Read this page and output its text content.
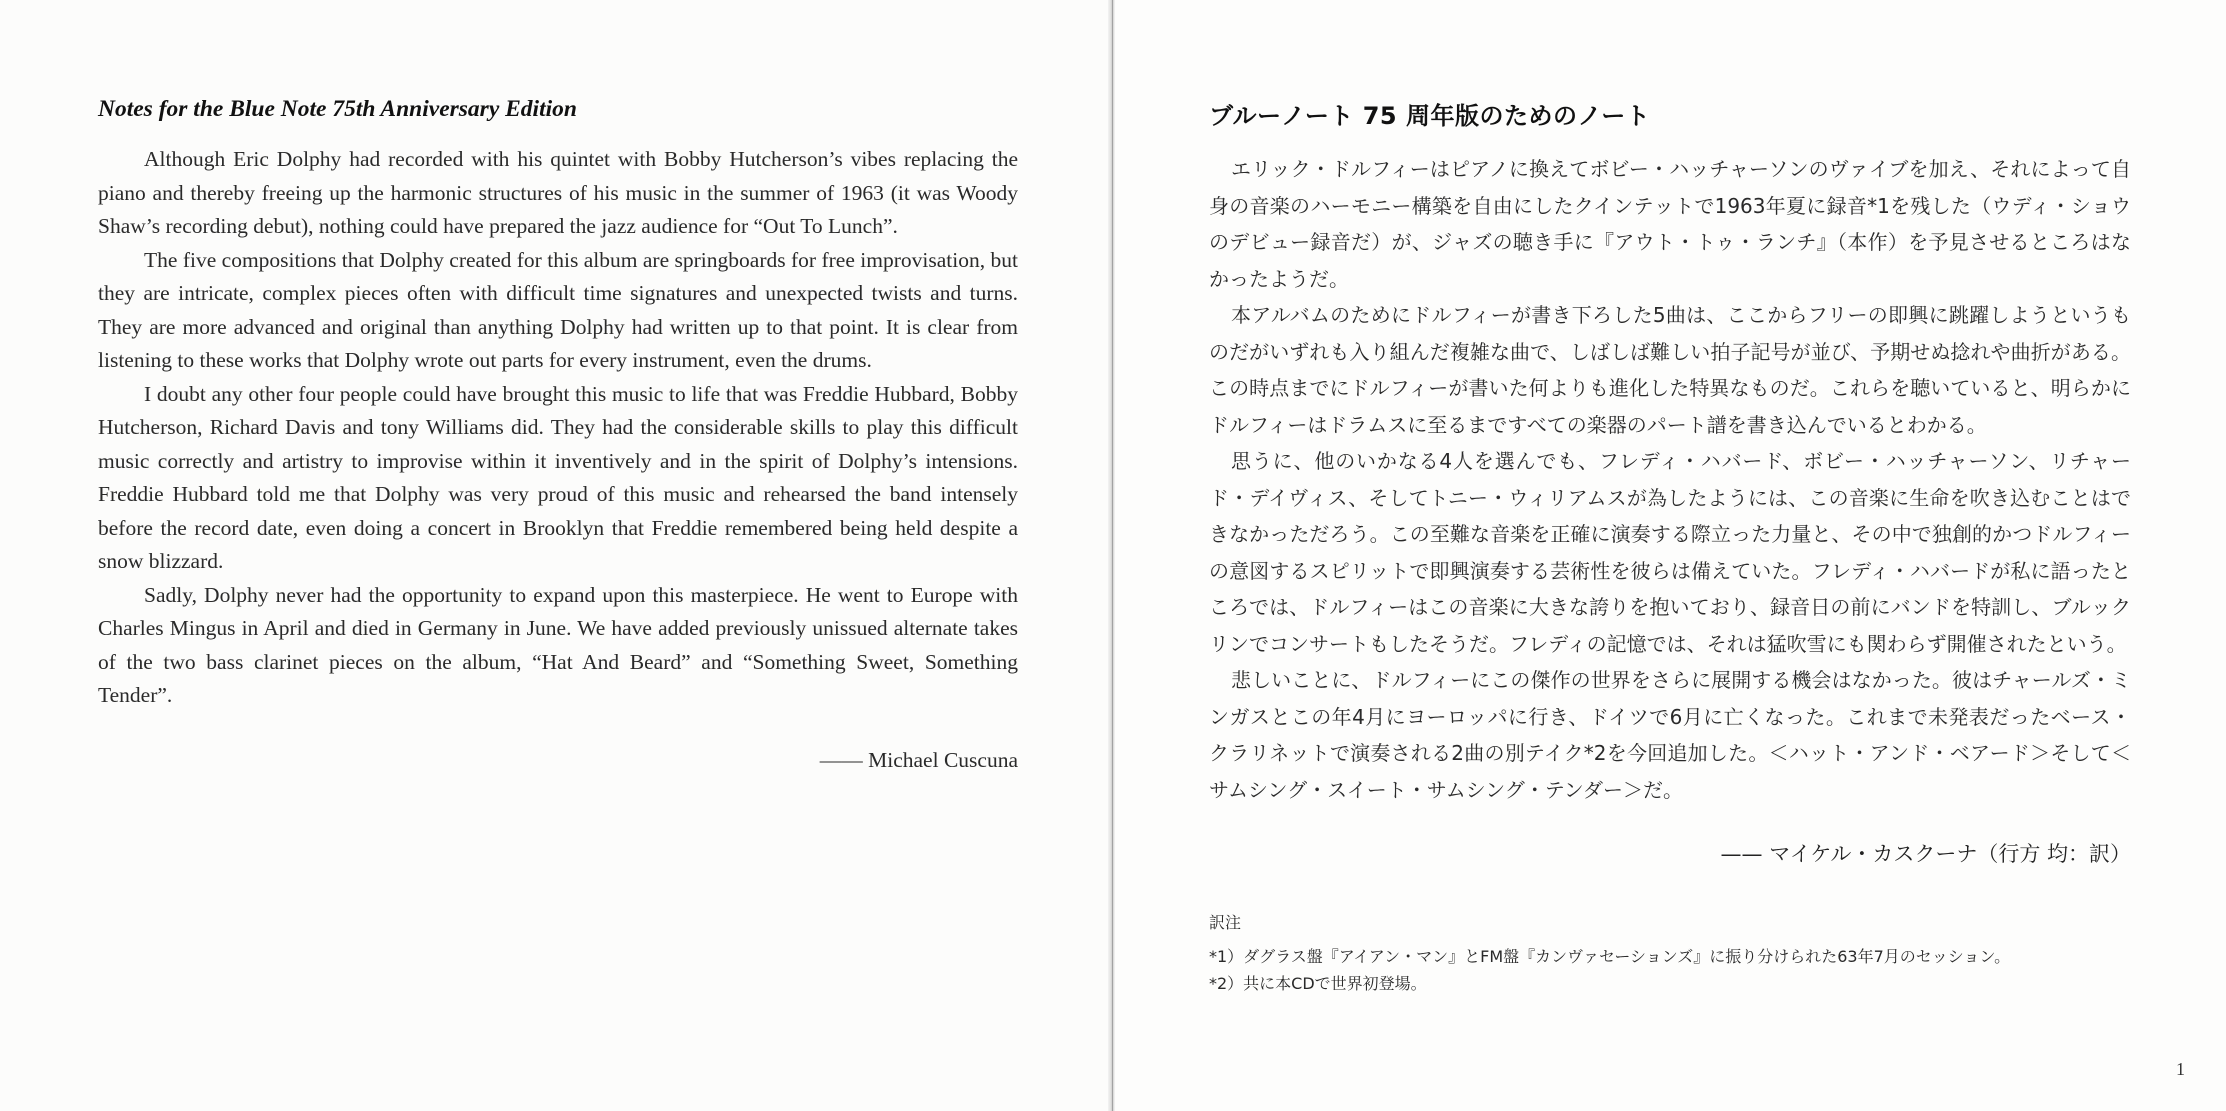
Notes for the Blue Note 75th Anniversary Edition

Although Eric Dolphy had recorded with his quintet with Bobby Hutcherson’s vibes replacing the piano and thereby freeing up the harmonic structures of his music in the summer of 1963 (it was Woody Shaw’s recording debut), nothing could have prepared the jazz audience for “Out To Lunch”.

The five compositions that Dolphy created for this album are springboards for free improvisation, but they are intricate, complex pieces often with difficult time signatures and unexpected twists and turns. They are more advanced and original than anything Dolphy had written up to that point. It is clear from listening to these works that Dolphy wrote out parts for every instrument, even the drums.

I doubt any other four people could have brought this music to life that was Freddie Hubbard, Bobby Hutcherson, Richard Davis and tony Williams did. They had the considerable skills to play this difficult music correctly and artistry to improvise within it inventively and in the spirit of Dolphy’s intensions. Freddie Hubbard told me that Dolphy was very proud of this music and rehearsed the band intensely before the record date, even doing a concert in Brooklyn that Freddie remembered being held despite a snow blizzard.

Sadly, Dolphy never had the opportunity to expand upon this masterpiece. He went to Europe with Charles Mingus in April and died in Germany in June. We have added previously unissued alternate takes of the two bass clarinet pieces on the album, “Hat And Beard” and “Something Sweet, Something Tender”.

—— Michael Cuscuna
ブルーノート 75 周年版のためのノート

エリック・ドルフィーはピアノに換えてボビー・ハッチャーソンのヴァイブを加え、それによって自身の音楽のハーモニー構築を自由にしたクインテットで1963年夏に録音*1を残した（ウディ・ショウのデビュー録音だ）が、ジャズの聴き手に『アウト・トゥ・ランチ』（本作）を予見させるところはなかったようだ。

本アルバムのためにドルフィーが書き下ろした5曲は、ここからフリーの即興に跳躍しようというものだがいずれも入り組んだ複雑な曲で、しばしば難しい拍子記号が並び、予期せぬ捻れや曲折がある。この時点までにドルフィーが書いた何よりも進化した特異なものだ。これらを聴いていると、明らかにドルフィーはドラムスに至るまですべての楽器のパート譜を書き込んでいるとわかる。

思うに、他のいかなる4人を選んでも、フレディ・ハバード、ボビー・ハッチャーソン、リチャード・デイヴィス、そしてトニー・ウィリアムスが為したようには、この音楽に生命を吹き込むことはできなかっただろう。この至難な音楽を正確に演奏する際立った力量と、その中で独創的かつドルフィーの意図するスピリットで即興演奏する芸術性を彼らは備えていた。フレディ・ハバードが私に語ったところでは、ドルフィーはこの音楽に大きな誇りを抱いており、録音日の前にバンドを特訓し、ブルックリンでコンサートもしたそうだ。フレディの記憶では、それは猛吹雪にも関わらず開催されたという。

悲しいことに、ドルフィーにこの傑作の世界をさらに展開する機会はなかった。彼はチャールズ・ミンガスとこの年4月にヨーロッパに行き、ドイツで6月に亡くなった。これまで未発表だったベース・クラリネットで演奏される2曲の別テイク*2を今回追加した。＜ハット・アンド・ベアード＞そして＜サムシング・スイート・サムシング・テンダー＞だ。

—— マイケル・カスクーナ（行方 均：訳）
訳注
*1）ダグラス盤『アイアン・マン』とFM盤『カンヴァセーションズ』に振り分けられた63年7月のセッション。
*2）共に本CDで世界初登場。
1
